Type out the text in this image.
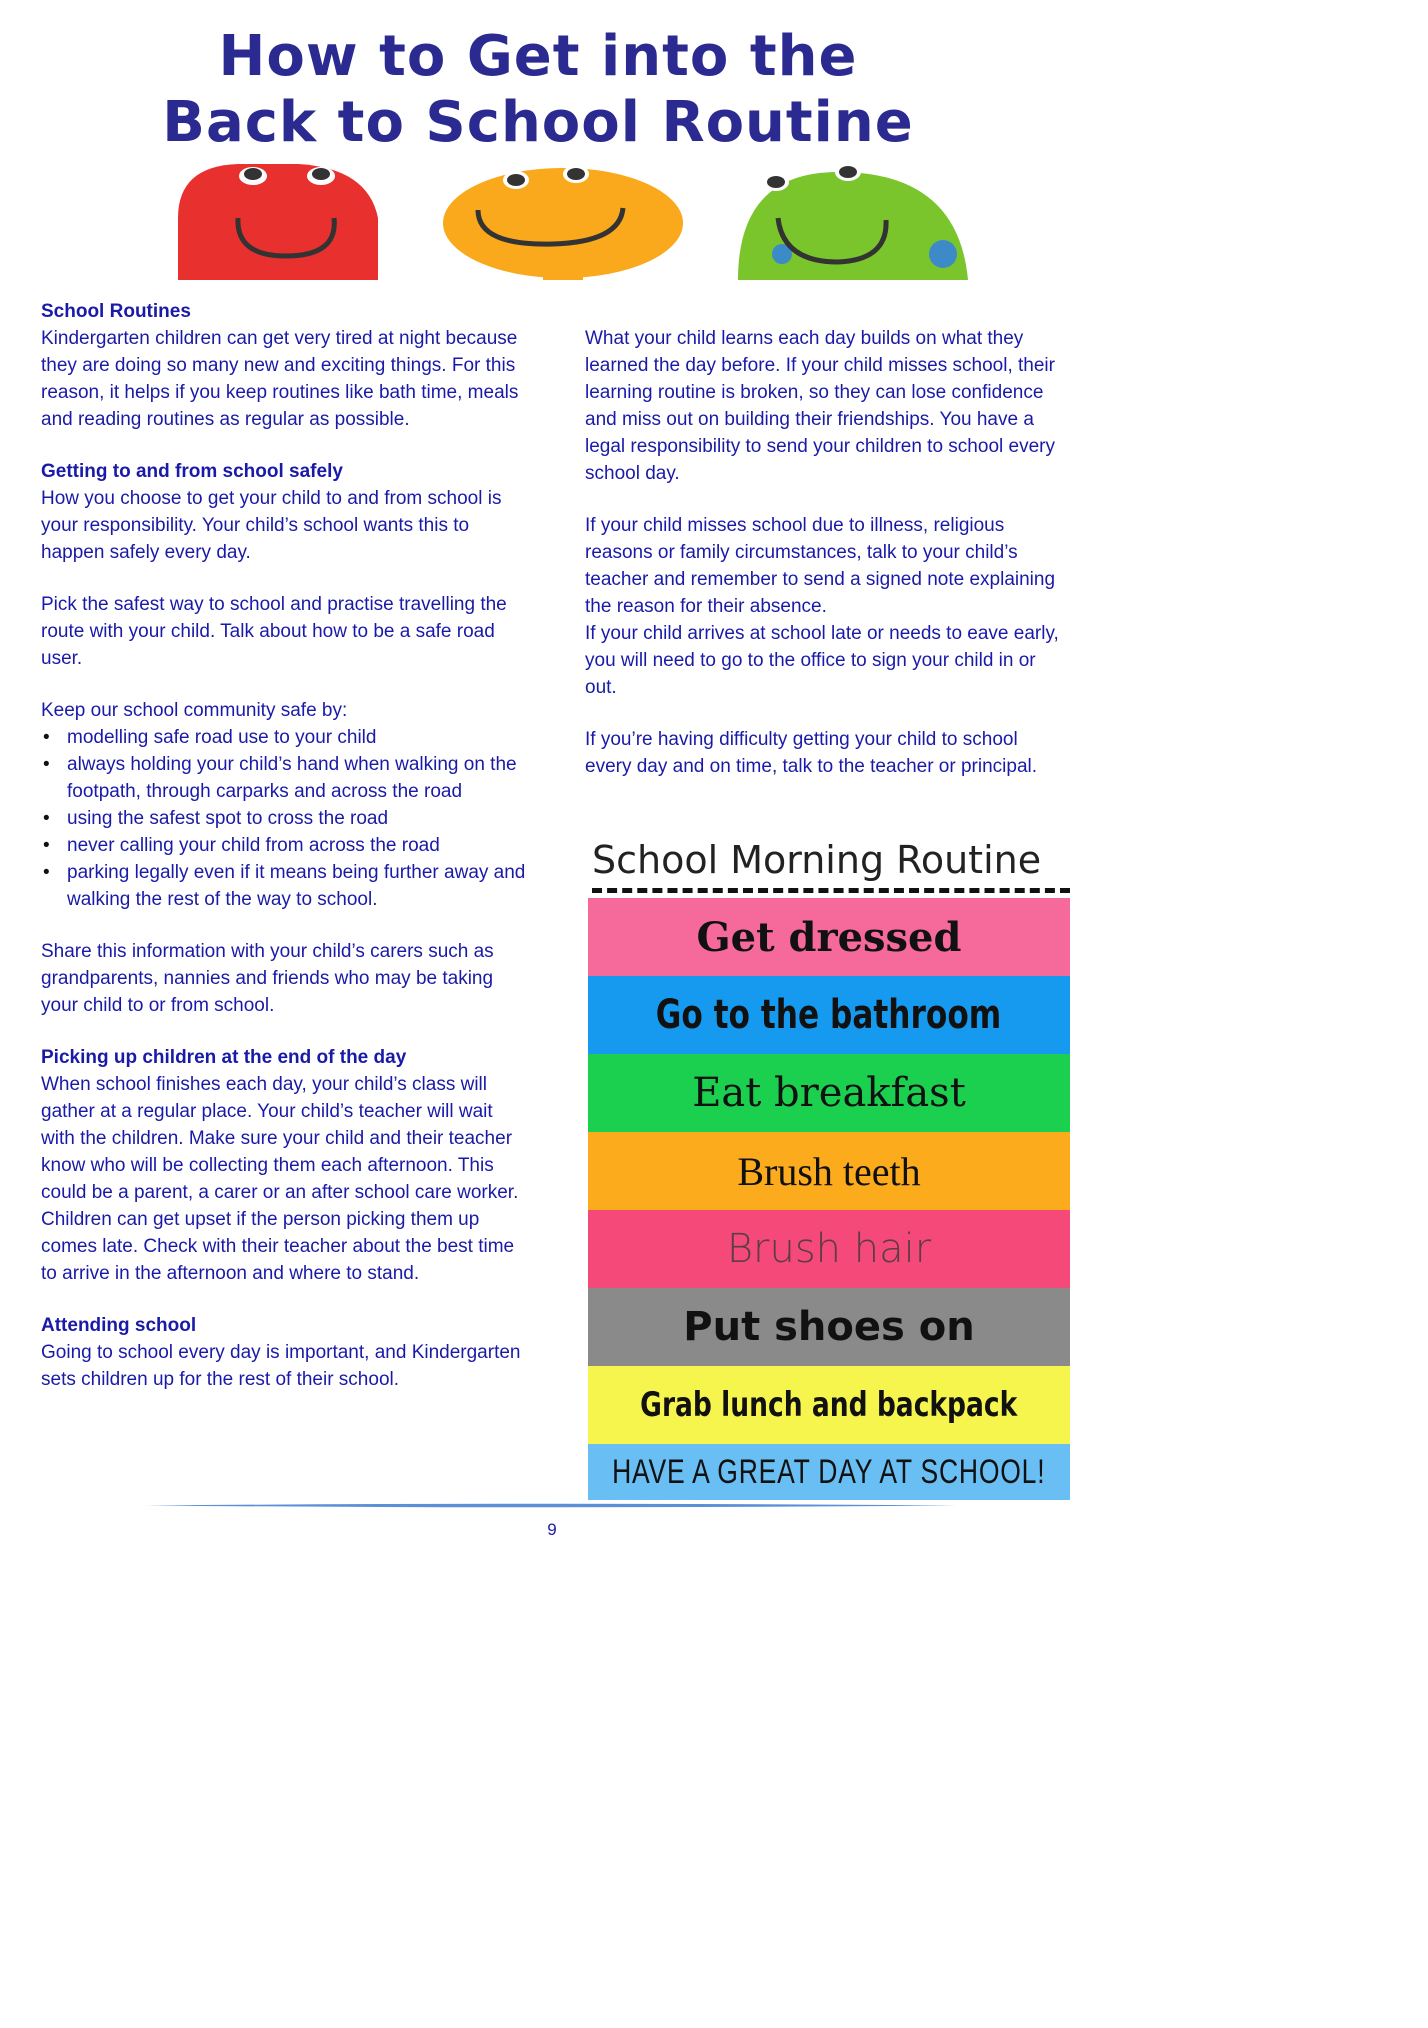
How to Get into the
Back to School Routine
School Routines

Kindergarten children can get very tired at night because they are doing so many new and exciting things. For this reason, it helps if you keep routines like bath time, meals and reading routines as regular as possible.

Getting to and from school safely

How you choose to get your child to and from school is your responsibility. Your child’s school wants this to happen safely every day.

Pick the safest way to school and practise travelling the route with your child. Talk about how to be a safe road user.

Keep our school community safe by:

• modelling safe road use to your child
• always holding your child’s hand when walking on the footpath, through carparks and across the road
• using the safest spot to cross the road
• never calling your child from across the road
• parking legally even if it means being further away and walking the rest of the way to school.

Share this information with your child’s carers such as grandparents, nannies and friends who may be taking your child to or from school.

Picking up children at the end of the day

When school finishes each day, your child’s class will gather at a regular place. Your child’s teacher will wait with the children. Make sure your child and their teacher know who will be collecting them each afternoon. This could be a parent, a carer or an after school care worker. Children can get upset if the person picking them up comes late. Check with their teacher about the best time to arrive in the afternoon and where to stand.

Attending school

Going to school every day is important, and Kindergarten sets children up for the rest of their school.

What your child learns each day builds on what they learned the day before. If your child misses school, their learning routine is broken, so they can lose confidence and miss out on building their friendships. You have a legal responsibility to send your children to school every school day.

If your child misses school due to illness, religious reasons or family circumstances, talk to your child’s teacher and remember to send a signed note explaining the reason for their absence.

If your child arrives at school late or needs to eave early, you will need to go to the office to sign your child in or out.

If you’re having difficulty getting your child to school every day and on time, talk to the teacher or principal.

School Morning Routine
Get dressed
Go to the bathroom
Eat breakfast
Brush teeth
Brush hair
Put shoes on
Grab lunch and backpack
HAVE A GREAT DAY AT SCHOOL!
9
